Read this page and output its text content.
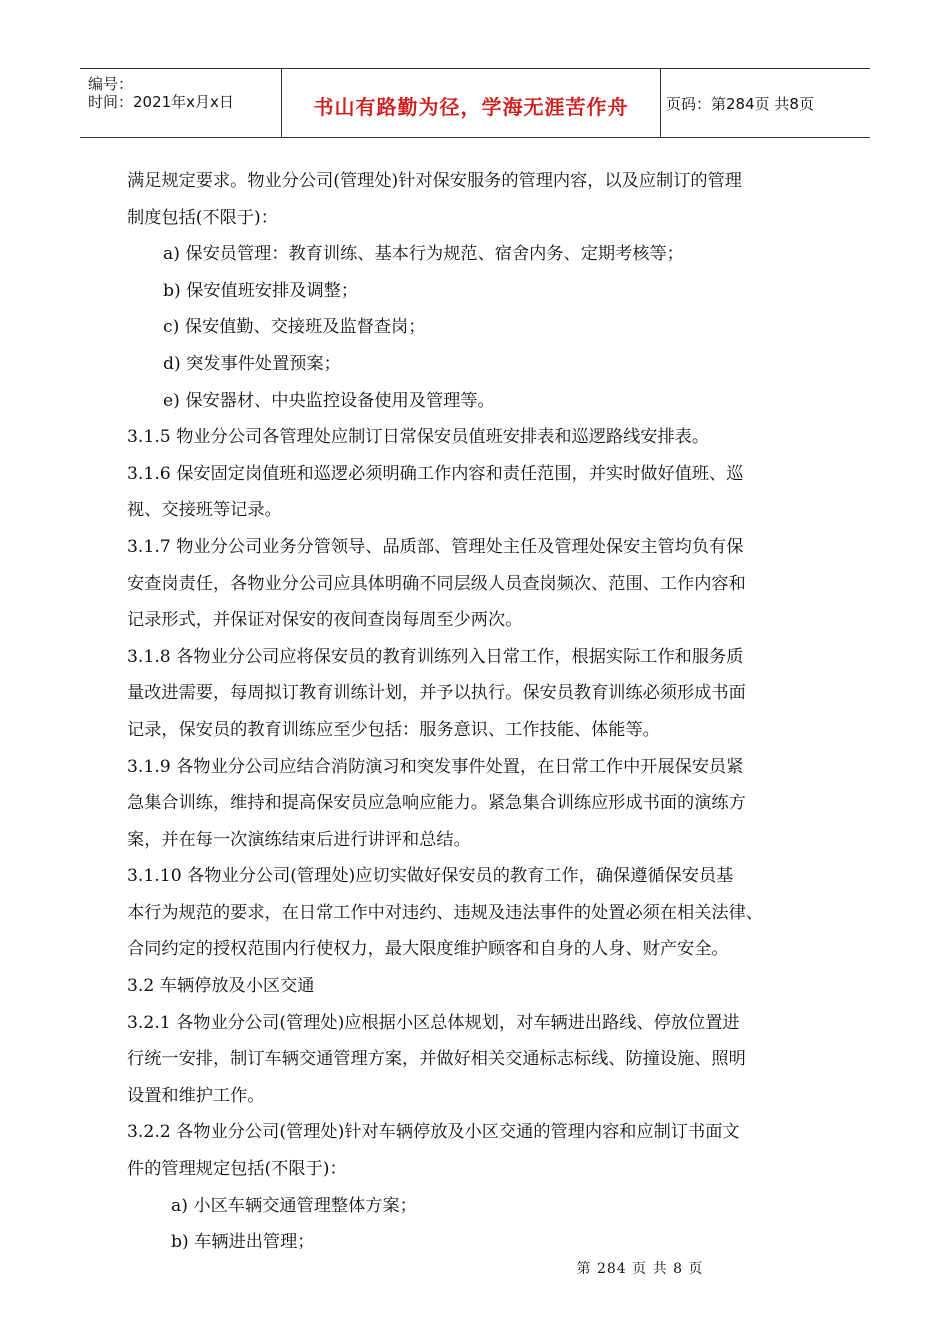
编号：
时间：2021年x月x日	书山有路勤为径，学海无涯苦作舟	页码：第284页 共8页
满足规定要求。物业分公司(管理处)针对保安服务的管理内容，以及应制订的管理
制度包括(不限于)：
a) 保安员管理：教育训练、基本行为规范、宿舍内务、定期考核等；
b) 保安值班安排及调整；
c) 保安值勤、交接班及监督查岗；
d) 突发事件处置预案；
e) 保安器材、中央监控设备使用及管理等。
3.1.5 物业分公司各管理处应制订日常保安员值班安排表和巡逻路线安排表。
3.1.6 保安固定岗值班和巡逻必须明确工作内容和责任范围，并实时做好值班、巡
视、交接班等记录。
3.1.7 物业分公司业务分管领导、品质部、管理处主任及管理处保安主管均负有保
安查岗责任，各物业分公司应具体明确不同层级人员查岗频次、范围、工作内容和
记录形式，并保证对保安的夜间查岗每周至少两次。
3.1.8 各物业分公司应将保安员的教育训练列入日常工作，根据实际工作和服务质
量改进需要，每周拟订教育训练计划，并予以执行。保安员教育训练必须形成书面
记录，保安员的教育训练应至少包括：服务意识、工作技能、体能等。
3.1.9 各物业分公司应结合消防演习和突发事件处置，在日常工作中开展保安员紧
急集合训练，维持和提高保安员应急响应能力。紧急集合训练应形成书面的演练方
案，并在每一次演练结束后进行讲评和总结。
3.1.10 各物业分公司(管理处)应切实做好保安员的教育工作，确保遵循保安员基
本行为规范的要求，在日常工作中对违约、违规及违法事件的处置必须在相关法律、
合同约定的授权范围内行使权力，最大限度维护顾客和自身的人身、财产安全。
3.2 车辆停放及小区交通
3.2.1 各物业分公司(管理处)应根据小区总体规划，对车辆进出路线、停放位置进
行统一安排，制订车辆交通管理方案，并做好相关交通标志标线、防撞设施、照明
设置和维护工作。
3.2.2 各物业分公司(管理处)针对车辆停放及小区交通的管理内容和应制订书面文
件的管理规定包括(不限于)：
a) 小区车辆交通管理整体方案；
b) 车辆进出管理；
第 284 页 共 8 页
